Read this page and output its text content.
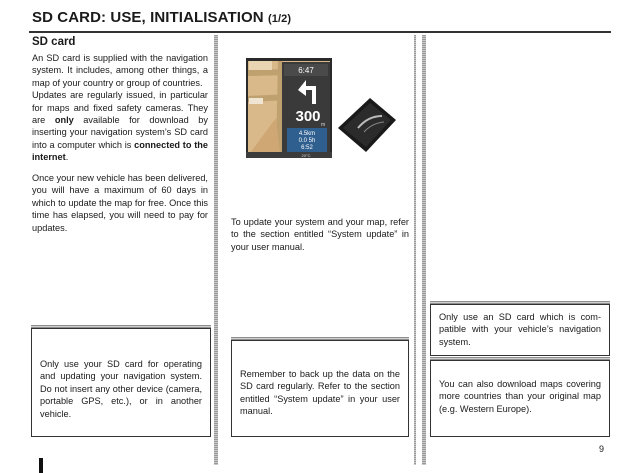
SD CARD: USE, INITIALISATION (1/2)
SD card
An SD card is supplied with the navigation system. It includes, among other things, a map of your country or group of countries.
Updates are regularly issued, in particular for maps and fixed safety cameras. They are only available for download by inserting your navigation system’s SD card into a computer which is connected to the internet.
Once your new vehicle has been delivered, you will have a maximum of 60 days in which to update the map for free. Once this time has elapsed, you will need to pay for updates.
6:47
300 m
4.5km
0.0 5h
6:52
20°C
To update your system and your map, refer to the section entitled “System update” in your user manual.
Only use your SD card for operating and updating your navigation system. Do not insert any other device (camera, portable GPS, etc.), or in another vehicle.
Remember to back up the data on the SD card regularly. Refer to the section entitled “System update” in your user manual.
Only use an SD card which is compatible with your vehicle’s navigation system.
You can also download maps covering more countries than your original map (e.g. Western Europe).
9
